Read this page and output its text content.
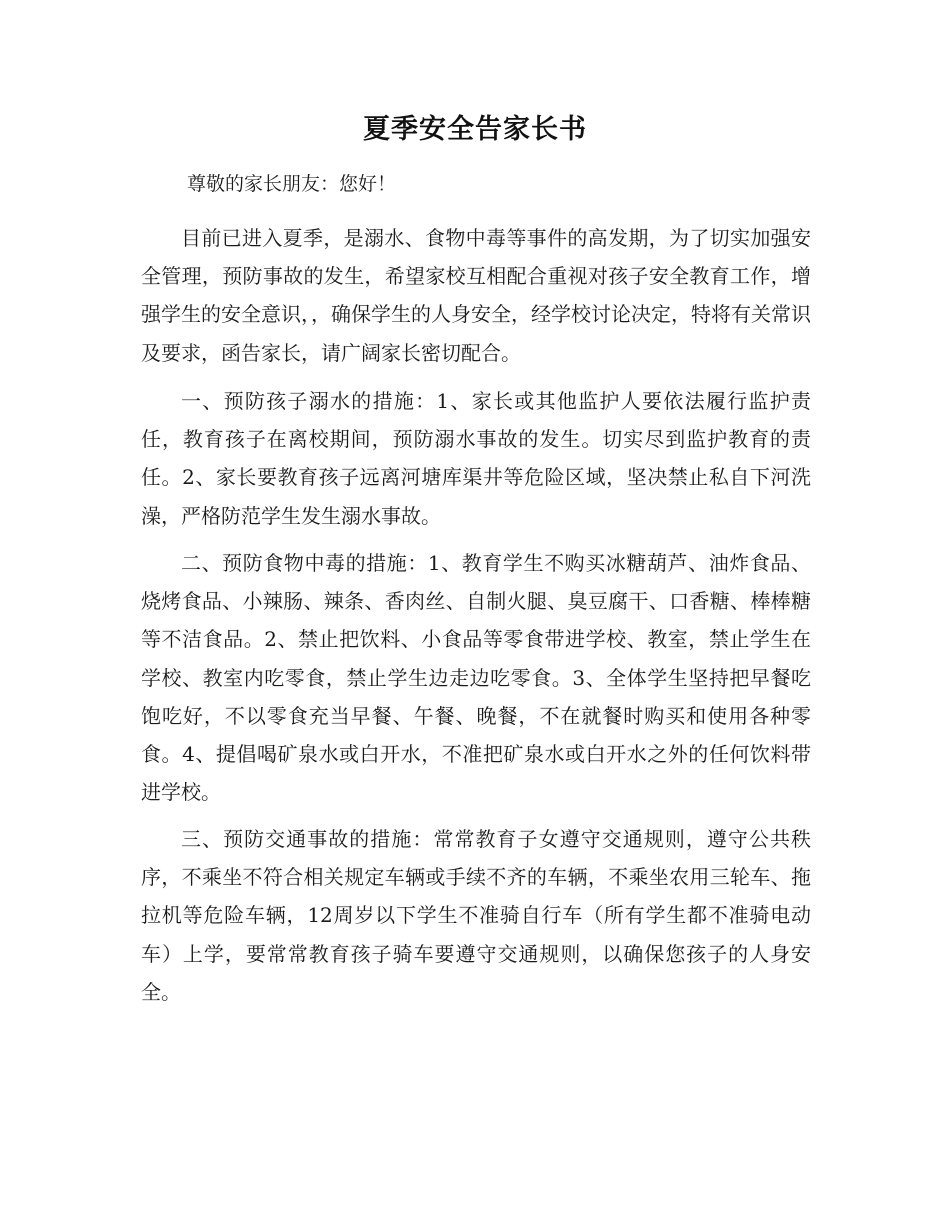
夏季安全告家长书
尊敬的家长朋友：您好！

目前已进入夏季，是溺水、食物中毒等事件的高发期，为了切实加强安全管理，预防事故的发生，希望家校互相配合重视对孩子安全教育工作，增强学生的安全意识，，确保学生的人身安全，经学校讨论决定，特将有关常识及要求，函告家长，请广阔家长密切配合。

一、预防孩子溺水的措施：1、家长或其他监护人要依法履行监护责任，教育孩子在离校期间，预防溺水事故的发生。切实尽到监护教育的责任。2、家长要教育孩子远离河塘库渠井等危险区域，坚决禁止私自下河洗澡，严格防范学生发生溺水事故。

二、预防食物中毒的措施：1、教育学生不购买冰糖葫芦、油炸食品、烧烤食品、小辣肠、辣条、香肉丝、自制火腿、臭豆腐干、口香糖、棒棒糖等不洁食品。2、禁止把饮料、小食品等零食带进学校、教室，禁止学生在学校、教室内吃零食，禁止学生边走边吃零食。3、全体学生坚持把早餐吃饱吃好，不以零食充当早餐、午餐、晚餐，不在就餐时购买和使用各种零食。4、提倡喝矿泉水或白开水，不准把矿泉水或白开水之外的任何饮料带进学校。

三、预防交通事故的措施：常常教育子女遵守交通规则，遵守公共秩序，不乘坐不符合相关规定车辆或手续不齐的车辆，不乘坐农用三轮车、拖拉机等危险车辆，12周岁以下学生不准骑自行车（所有学生都不准骑电动车）上学，要常常教育孩子骑车要遵守交通规则，以确保您孩子的人身安全。
